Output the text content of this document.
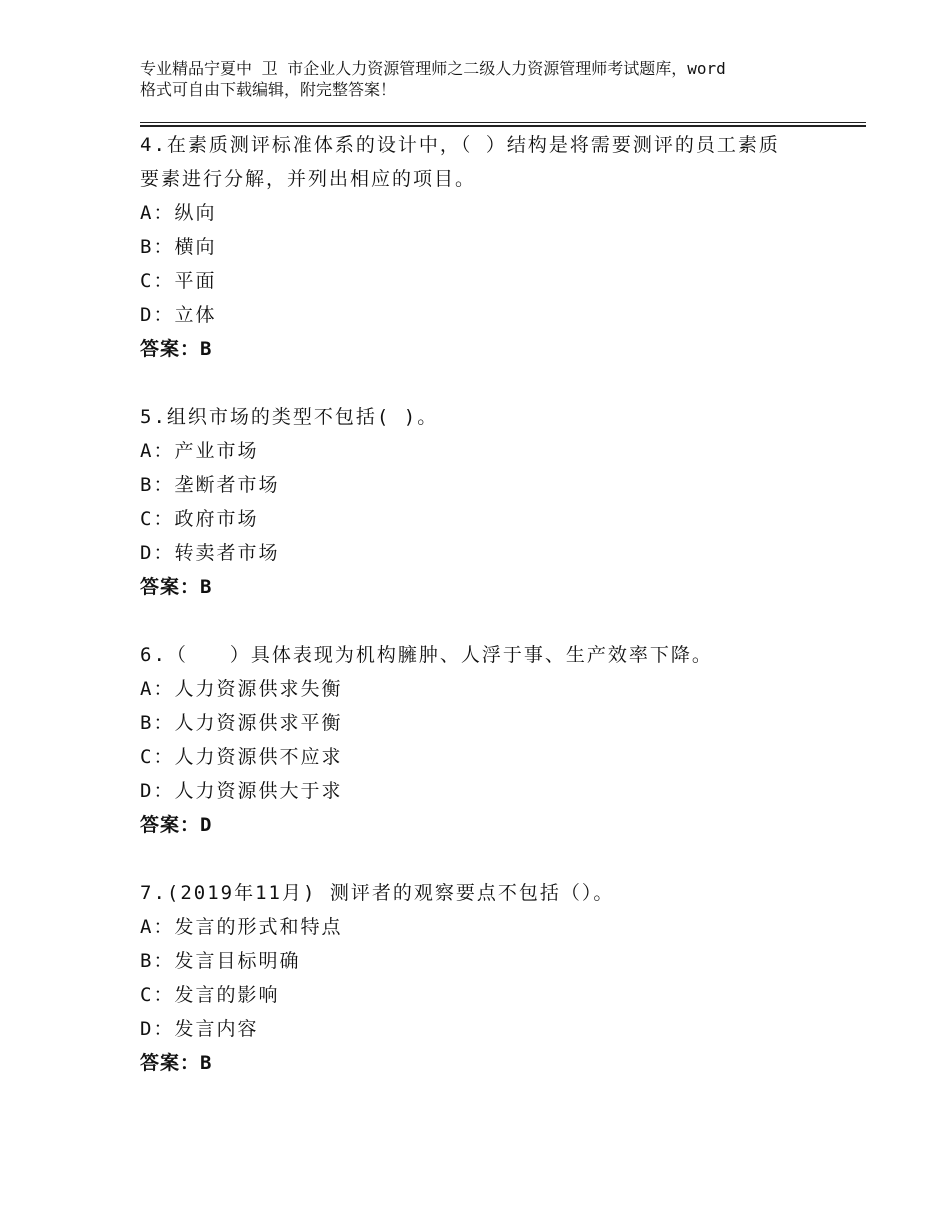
专业精品宁夏中 卫 市企业人力资源管理师之二级人力资源管理师考试题库，word
格式可自由下载编辑，附完整答案！
4.在素质测评标准体系的设计中，（ ）结构是将需要测评的员工素质
要素进行分解，并列出相应的项目。
A：纵向
B：横向
C：平面
D：立体
答案：B
5.组织市场的类型不包括( )。
A：产业市场
B：垄断者市场
C：政府市场
D：转卖者市场
答案：B
6.（　　）具体表现为机构臃肿、人浮于事、生产效率下降。
A：人力资源供求失衡
B：人力资源供求平衡
C：人力资源供不应求
D：人力资源供大于求
答案：D
7.(2019年11月) 测评者的观察要点不包括（）。
A：发言的形式和特点
B：发言目标明确
C：发言的影响
D：发言内容
答案：B
